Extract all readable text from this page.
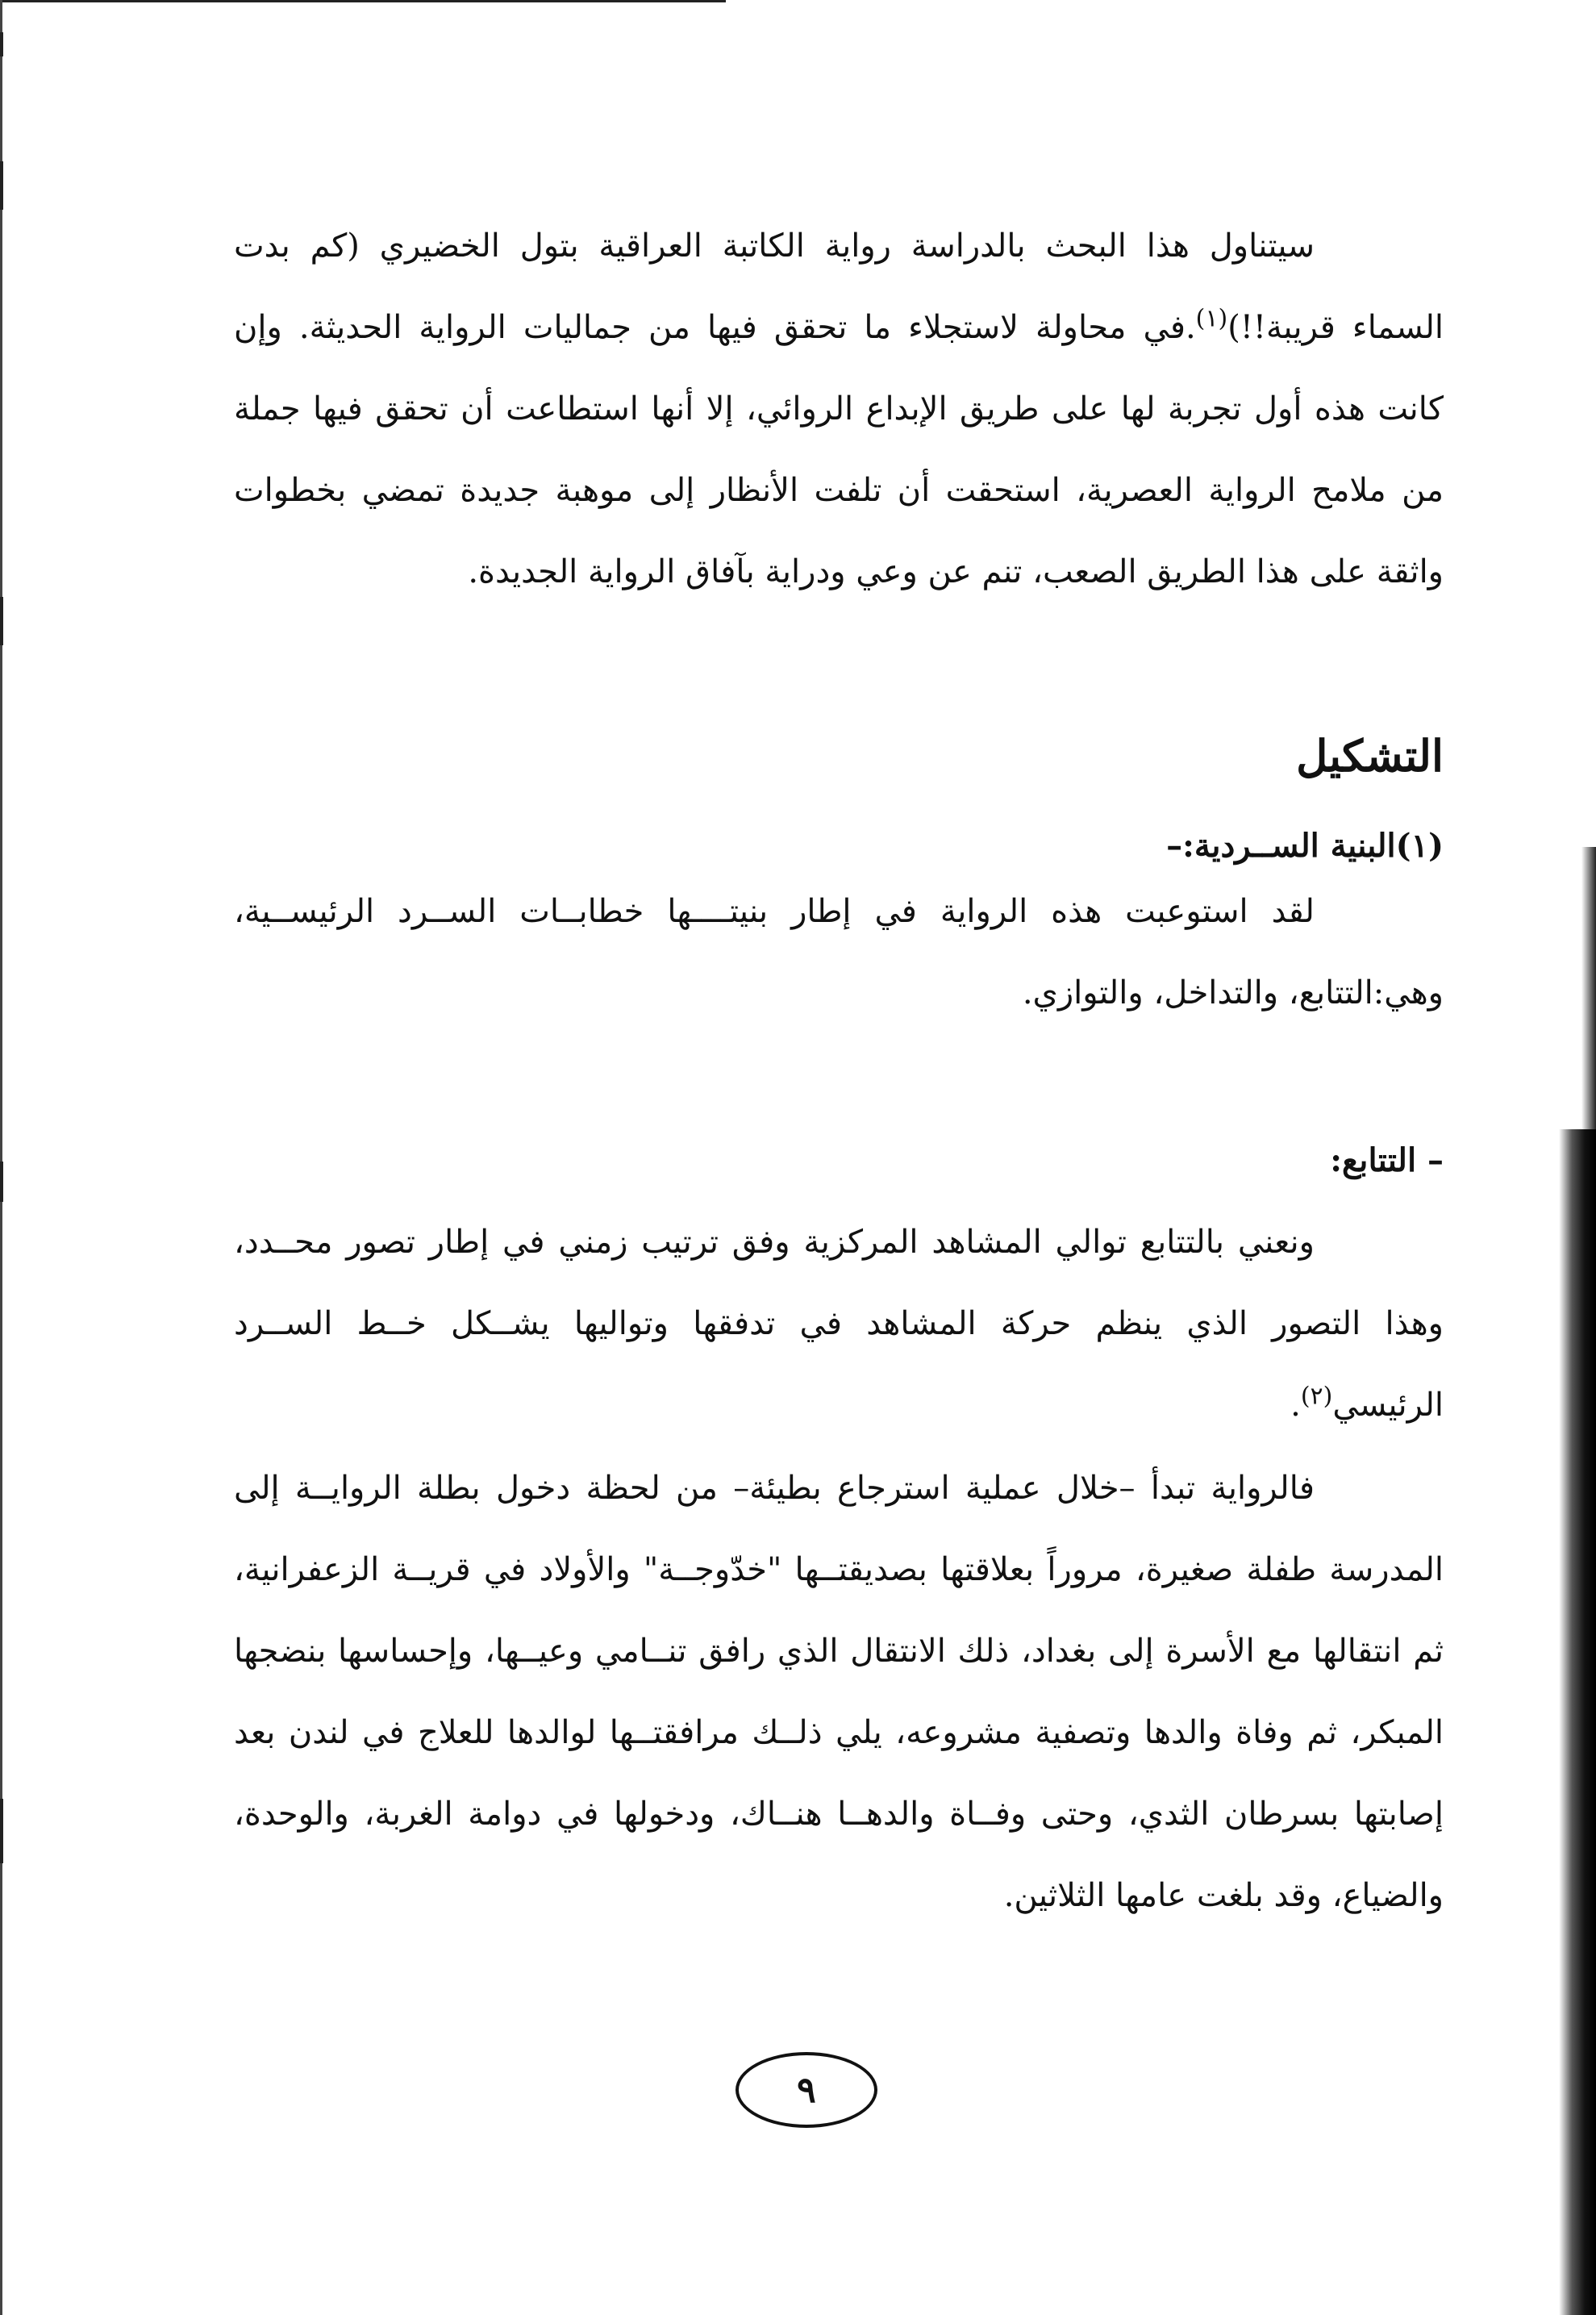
سيتناول هذا البحث بالدراسة رواية الكاتبة العراقية بتول الخضيري (كم بدت السماء قريبة!!)$^{(١)}$.في محاولة لاستجلاء ما تحقق فيها من جماليات الرواية الحديثة. وإن كانت هذه أول تجربة لها على طريق الإبداع الروائي، إلا أنها استطاعت أن تحقق فيها جملة من ملامح الرواية العصرية، استحقت أن تلفت الأنظار إلى موهبة جديدة تمضي بخطوات واثقة على هذا الطريق الصعب، تنم عن وعي ودراية بآفاق الرواية الجديدة.

التشكيل
(١)البنية الســردية:–

لقد استوعبت هذه الرواية في إطار بنيتــــها خطابــات الســرد الرئيســية، وهي:التتابع، والتداخل، والتوازي.

– التتابع:

ونعني بالتتابع توالي المشاهد المركزية وفق ترتيب زمني في إطار تصور محــدد، وهذا التصور الذي ينظم حركة المشاهد في تدفقها وتواليها يشــكل خــط الســرد الرئيسي$^{(٢)}$.

فالرواية تبدأ –خلال عملية استرجاع بطيئة– من لحظة دخول بطلة الروايــة إلى المدرسة طفلة صغيرة، مروراً بعلاقتها بصديقتــها "خدّوجــة" والأولاد في قريــة الزعفرانية، ثم انتقالها مع الأسرة إلى بغداد، ذلك الانتقال الذي رافق تنــامي وعيــها، وإحساسها بنضجها المبكر، ثم وفاة والدها وتصفية مشروعه، يلي ذلــك مرافقتــها لوالدها للعلاج في لندن بعد إصابتها بسرطان الثدي، وحتى وفــاة والدهــا هنــاك، ودخولها في دوامة الغربة، والوحدة، والضياع، وقد بلغت عامها الثلاثين.

٩
